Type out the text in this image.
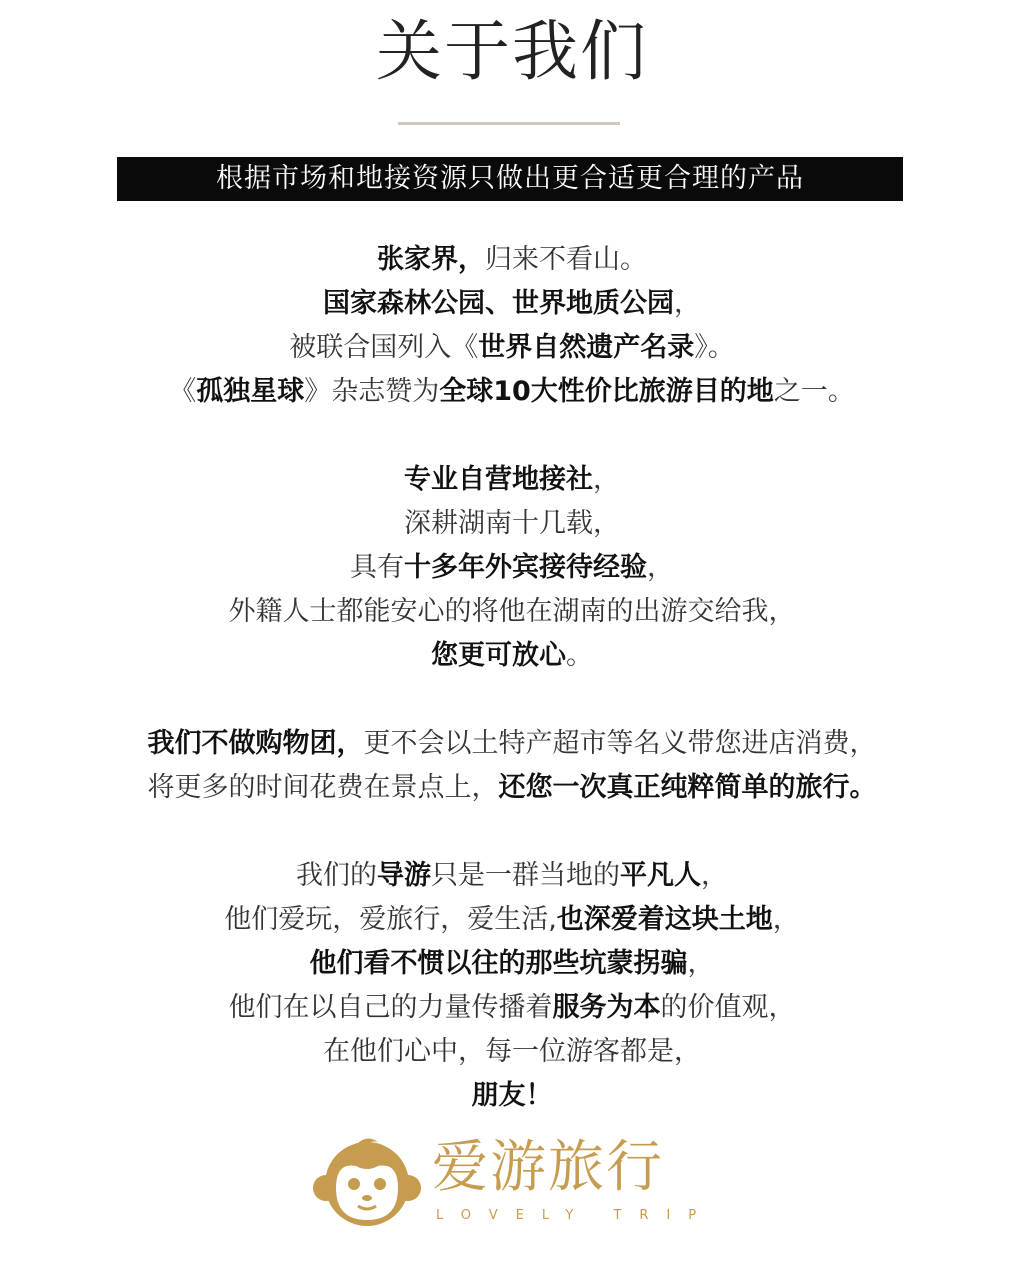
关于我们
根据市场和地接资源只做出更合适更合理的产品
张家界，归来不看山。
国家森林公园、世界地质公园，
被联合国列入《世界自然遗产名录》。
《孤独星球》杂志赞为全球10大性价比旅游目的地之一。
专业自营地接社，
深耕湖南十几载，
具有十多年外宾接待经验，
外籍人士都能安心的将他在湖南的出游交给我，
您更可放心。
我们不做购物团，更不会以土特产超市等名义带您进店消费，
将更多的时间花费在景点上，还您一次真正纯粹简单的旅行。
我们的导游只是一群当地的平凡人，
他们爱玩，爱旅行，爱生活,也深爱着这块土地，
他们看不惯以往的那些坑蒙拐骗，
他们在以自己的力量传播着服务为本的价值观，
在他们心中，每一位游客都是，
朋友！
爱游旅行
LOVELY TRIP
